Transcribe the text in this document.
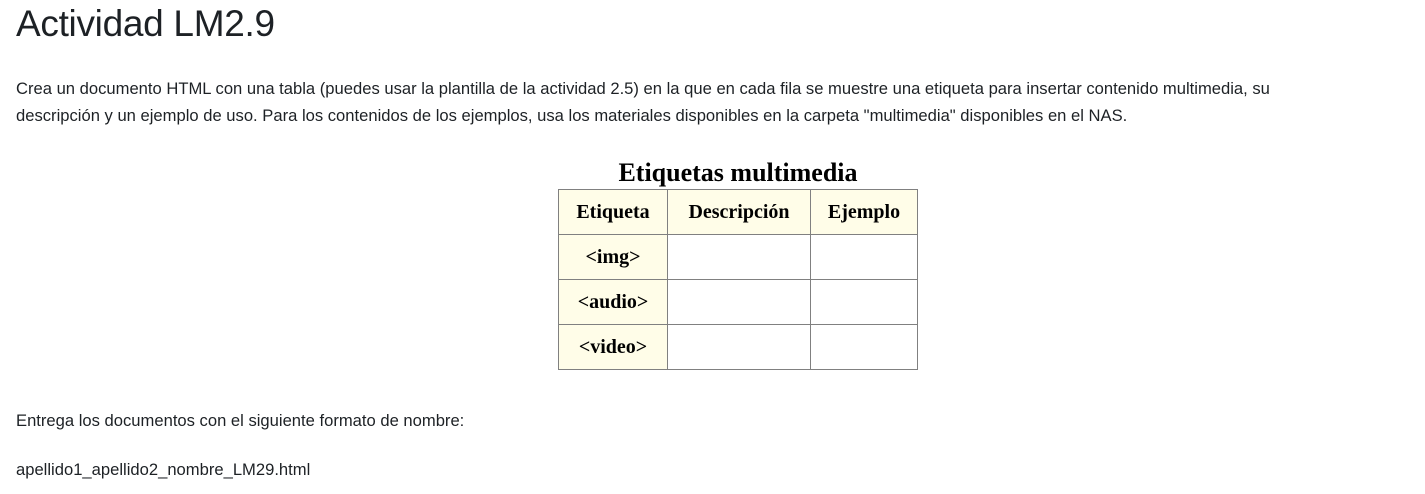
Actividad LM2.9

Crea un documento HTML con una tabla (puedes usar la plantilla de la actividad 2.5) en la que en cada fila se muestre una etiqueta para insertar contenido multimedia, su
descripción y un ejemplo de uso. Para los contenidos de los ejemplos, usa los materiales disponibles en la carpeta "multimedia" disponibles en el NAS.

Etiquetas multimedia
Etiqueta	Descripción	Ejemplo
<img>		
<audio>		
<video>		

Entrega los documentos con el siguiente formato de nombre:

apellido1_apellido2_nombre_LM29.html
